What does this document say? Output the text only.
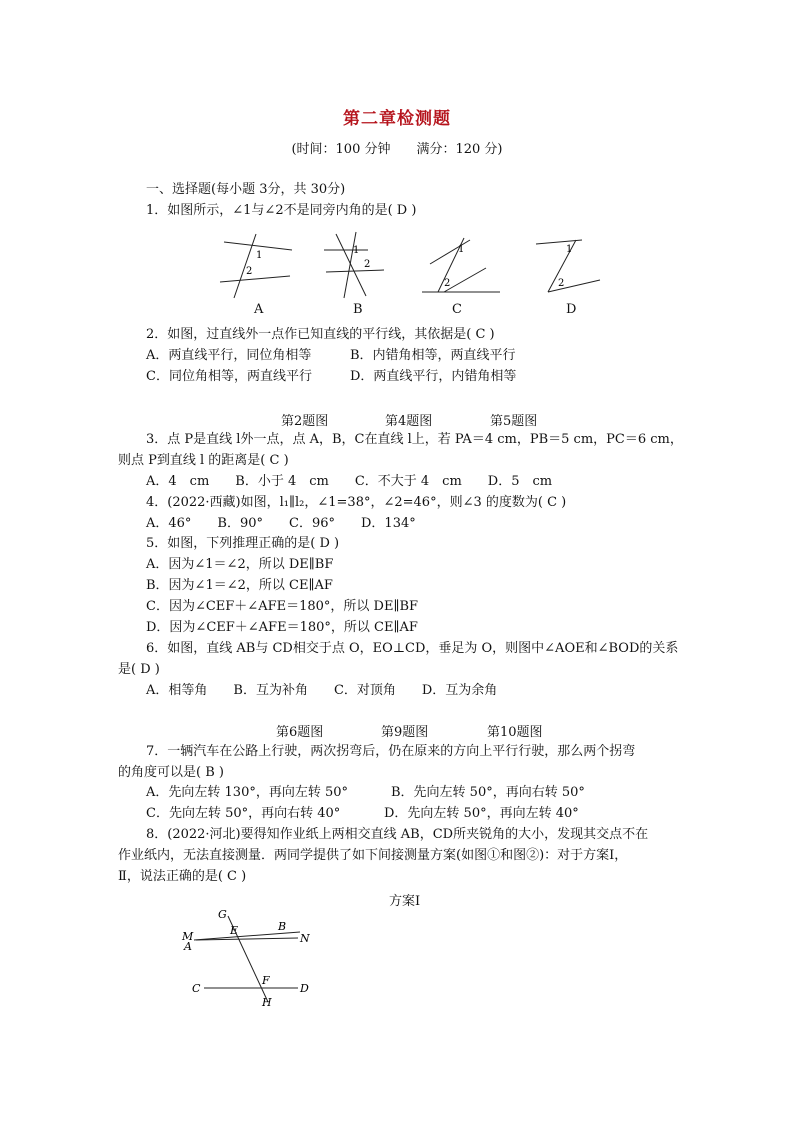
第二章检测题
(时间：100 分钟　　满分：120 分)
一、选择题(每小题 3分，共 30分)
1．如图所示，∠1与∠2不是同旁内角的是( D )
1
2
1
2
1
2
1
2
A	B	C	D
2．如图，过直线外一点作已知直线的平行线，其依据是( C )
A．两直线平行，同位角相等	B．内错角相等，两直线平行
C．同位角相等，两直线平行	D．两直线平行，内错角相等
第2题图	第4题图	第5题图
3．点 P是直线 l外一点，点 A，B，C在直线 l上，若 PA＝4 cm，PB＝5 cm，PC＝6 cm，
则点 P到直线 l 的距离是( C )
A．4　cm　　B．小于 4　cm　　C．不大于 4　cm　　D．5　cm
4．(2022·西藏)如图，l₁∥l₂，∠1=38°，∠2=46°，则∠3 的度数为( C )
A．46°　　B．90°　　C．96°　　D．134°
5．如图，下列推理正确的是( D )
A．因为∠1＝∠2，所以 DE∥BF
B．因为∠1＝∠2，所以 CE∥AF
C．因为∠CEF＋∠AFE＝180°，所以 DE∥BF
D．因为∠CEF＋∠AFE＝180°，所以 CE∥AF
6．如图，直线 AB与 CD相交于点 O，EO⊥CD，垂足为 O，则图中∠AOE和∠BOD的关系
是( D )
A．相等角　　B．互为补角　　C．对顶角　　D．互为余角
第6题图	第9题图	第10题图
7．一辆汽车在公路上行驶，两次拐弯后，仍在原来的方向上平行行驶，那么两个拐弯
的角度可以是( B )
A．先向左转 130°，再向左转 50°	B．先向左转 50°，再向右转 50°
C．先向左转 50°，再向右转 40°	D．先向左转 50°，再向左转 40°
8．(2022·河北)要得知作业纸上两相交直线 AB，CD所夹锐角的大小，发现其交点不在
作业纸内，无法直接测量．两同学提供了如下间接测量方案(如图①和图②)：对于方案Ⅰ，
Ⅱ，说法正确的是( C )
方案Ⅰ
G
E	B
M
A
N
C
F
D
H
